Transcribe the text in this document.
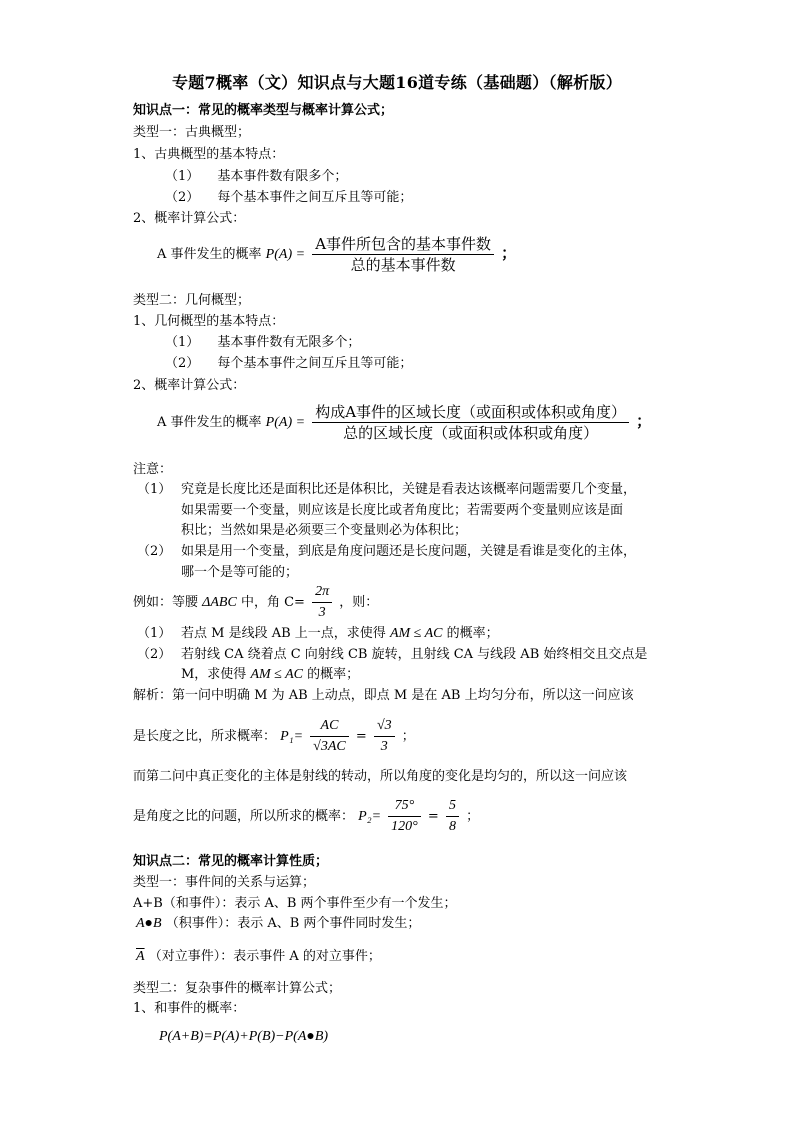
专题7概率（文）知识点与大题16道专练（基础题）（解析版）
知识点一：常见的概率类型与概率计算公式；
类型一：古典概型；
1、古典概型的基本特点：
（1） 基本事件数有限多个；
（2） 每个基本事件之间互斥且等可能；
2、概率计算公式：
A 事件发生的概率 $P(A) = \frac{\text{A事件所包含的基本事件数}}{\text{总的基本事件数}}$ ；
类型二：几何概型；
1、几何概型的基本特点：
（1） 基本事件数有无限多个；
（2） 每个基本事件之间互斥且等可能；
2、概率计算公式：
A 事件发生的概率 $P(A) = \frac{\text{构成A事件的区域长度（或面积或体积或角度）}}{\text{总的区域长度（或面积或体积或角度）}}$ ；
注意：
（1） 究竟是长度比还是面积比还是体积比，关键是看表达该概率问题需要几个变量，
如果需要一个变量，则应该是长度比或者角度比；若需要两个变量则应该是面
积比；当然如果是必须要三个变量则必为体积比；
（2） 如果是用一个变量，到底是角度问题还是长度问题，关键是看谁是变化的主体，
哪一个是等可能的；
例如：等腰 ΔABC 中，角 $C= \frac{2\pi}{3}$ ，则：
（1） 若点 M 是线段 AB 上一点，求使得 AM ≤ AC 的概率；
（2） 若射线 CA 绕着点 C 向射线 CB 旋转，且射线 CA 与线段 AB 始终相交且交点是
M，求使得 AM ≤ AC 的概率；
解析：第一问中明确 M 为 AB 上动点，即点 M 是在 AB 上均匀分布，所以这一问应该
是长度之比，所求概率： $P_1= \frac{AC}{√3AC} = \frac{√3}{3}$ ；
而第二问中真正变化的主体是射线的转动，所以角度的变化是均匀的，所以这一问应该
是角度之比的问题，所以所求的概率： $P_2= \frac{75^\circ}{120^\circ} = \frac{5}{8}$ ；
知识点二：常见的概率计算性质；
类型一：事件间的关系与运算；
A+B（和事件）：表示 A、B 两个事件至少有一个发生；
A●B （积事件）：表示 A、B 两个事件同时发生；
$\overline{A}$ （对立事件）：表示事件 A 的对立事件；
类型二：复杂事件的概率计算公式；
1、和事件的概率：
P(A+B)=P(A)+P(B)−P(A●B)
